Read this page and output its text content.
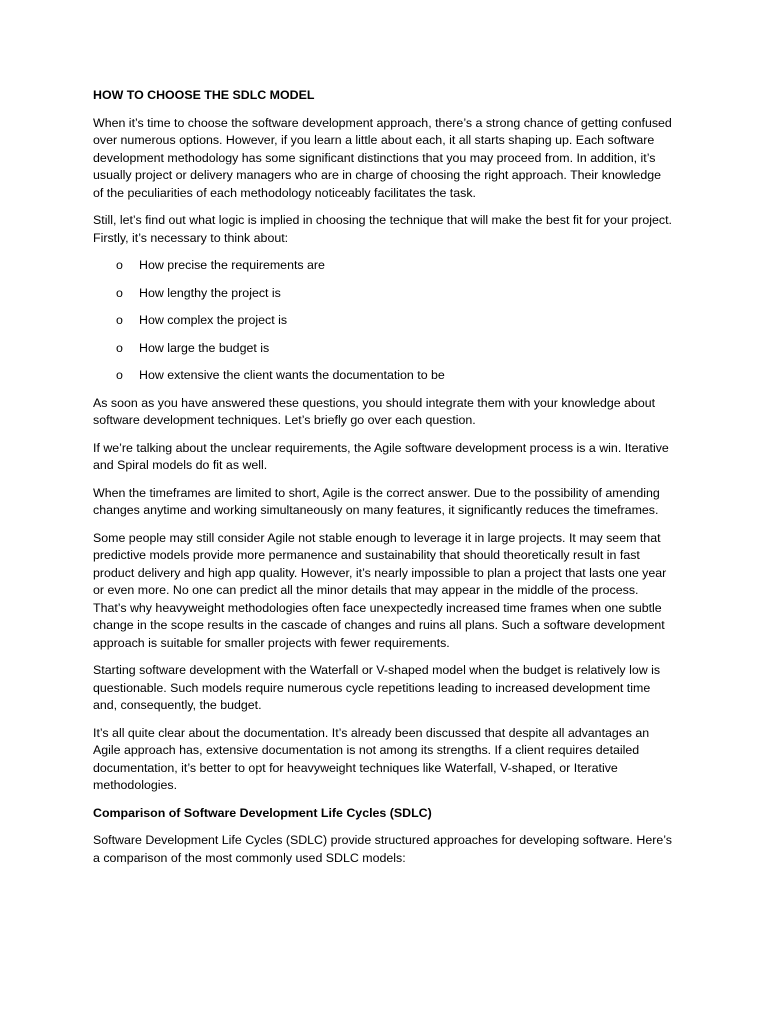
HOW TO CHOOSE THE SDLC MODEL

When it’s time to choose the software development approach, there’s a strong chance of getting confused over numerous options. However, if you learn a little about each, it all starts shaping up. Each software development methodology has some significant distinctions that you may proceed from. In addition, it’s usually project or delivery managers who are in charge of choosing the right approach. Their knowledge of the peculiarities of each methodology noticeably facilitates the task.

Still, let’s find out what logic is implied in choosing the technique that will make the best fit for your project. Firstly, it’s necessary to think about:

o How precise the requirements are
o How lengthy the project is
o How complex the project is
o How large the budget is
o How extensive the client wants the documentation to be

As soon as you have answered these questions, you should integrate them with your knowledge about software development techniques. Let’s briefly go over each question.

If we’re talking about the unclear requirements, the Agile software development process is a win. Iterative and Spiral models do fit as well.

When the timeframes are limited to short, Agile is the correct answer. Due to the possibility of amending changes anytime and working simultaneously on many features, it significantly reduces the timeframes.

Some people may still consider Agile not stable enough to leverage it in large projects. It may seem that predictive models provide more permanence and sustainability that should theoretically result in fast product delivery and high app quality. However, it’s nearly impossible to plan a project that lasts one year or even more. No one can predict all the minor details that may appear in the middle of the process. That’s why heavyweight methodologies often face unexpectedly increased time frames when one subtle change in the scope results in the cascade of changes and ruins all plans. Such a software development approach is suitable for smaller projects with fewer requirements.

Starting software development with the Waterfall or V-shaped model when the budget is relatively low is questionable. Such models require numerous cycle repetitions leading to increased development time and, consequently, the budget.

It’s all quite clear about the documentation. It’s already been discussed that despite all advantages an Agile approach has, extensive documentation is not among its strengths. If a client requires detailed documentation, it’s better to opt for heavyweight techniques like Waterfall, V-shaped, or Iterative methodologies.

Comparison of Software Development Life Cycles (SDLC)

Software Development Life Cycles (SDLC) provide structured approaches for developing software. Here’s a comparison of the most commonly used SDLC models:
